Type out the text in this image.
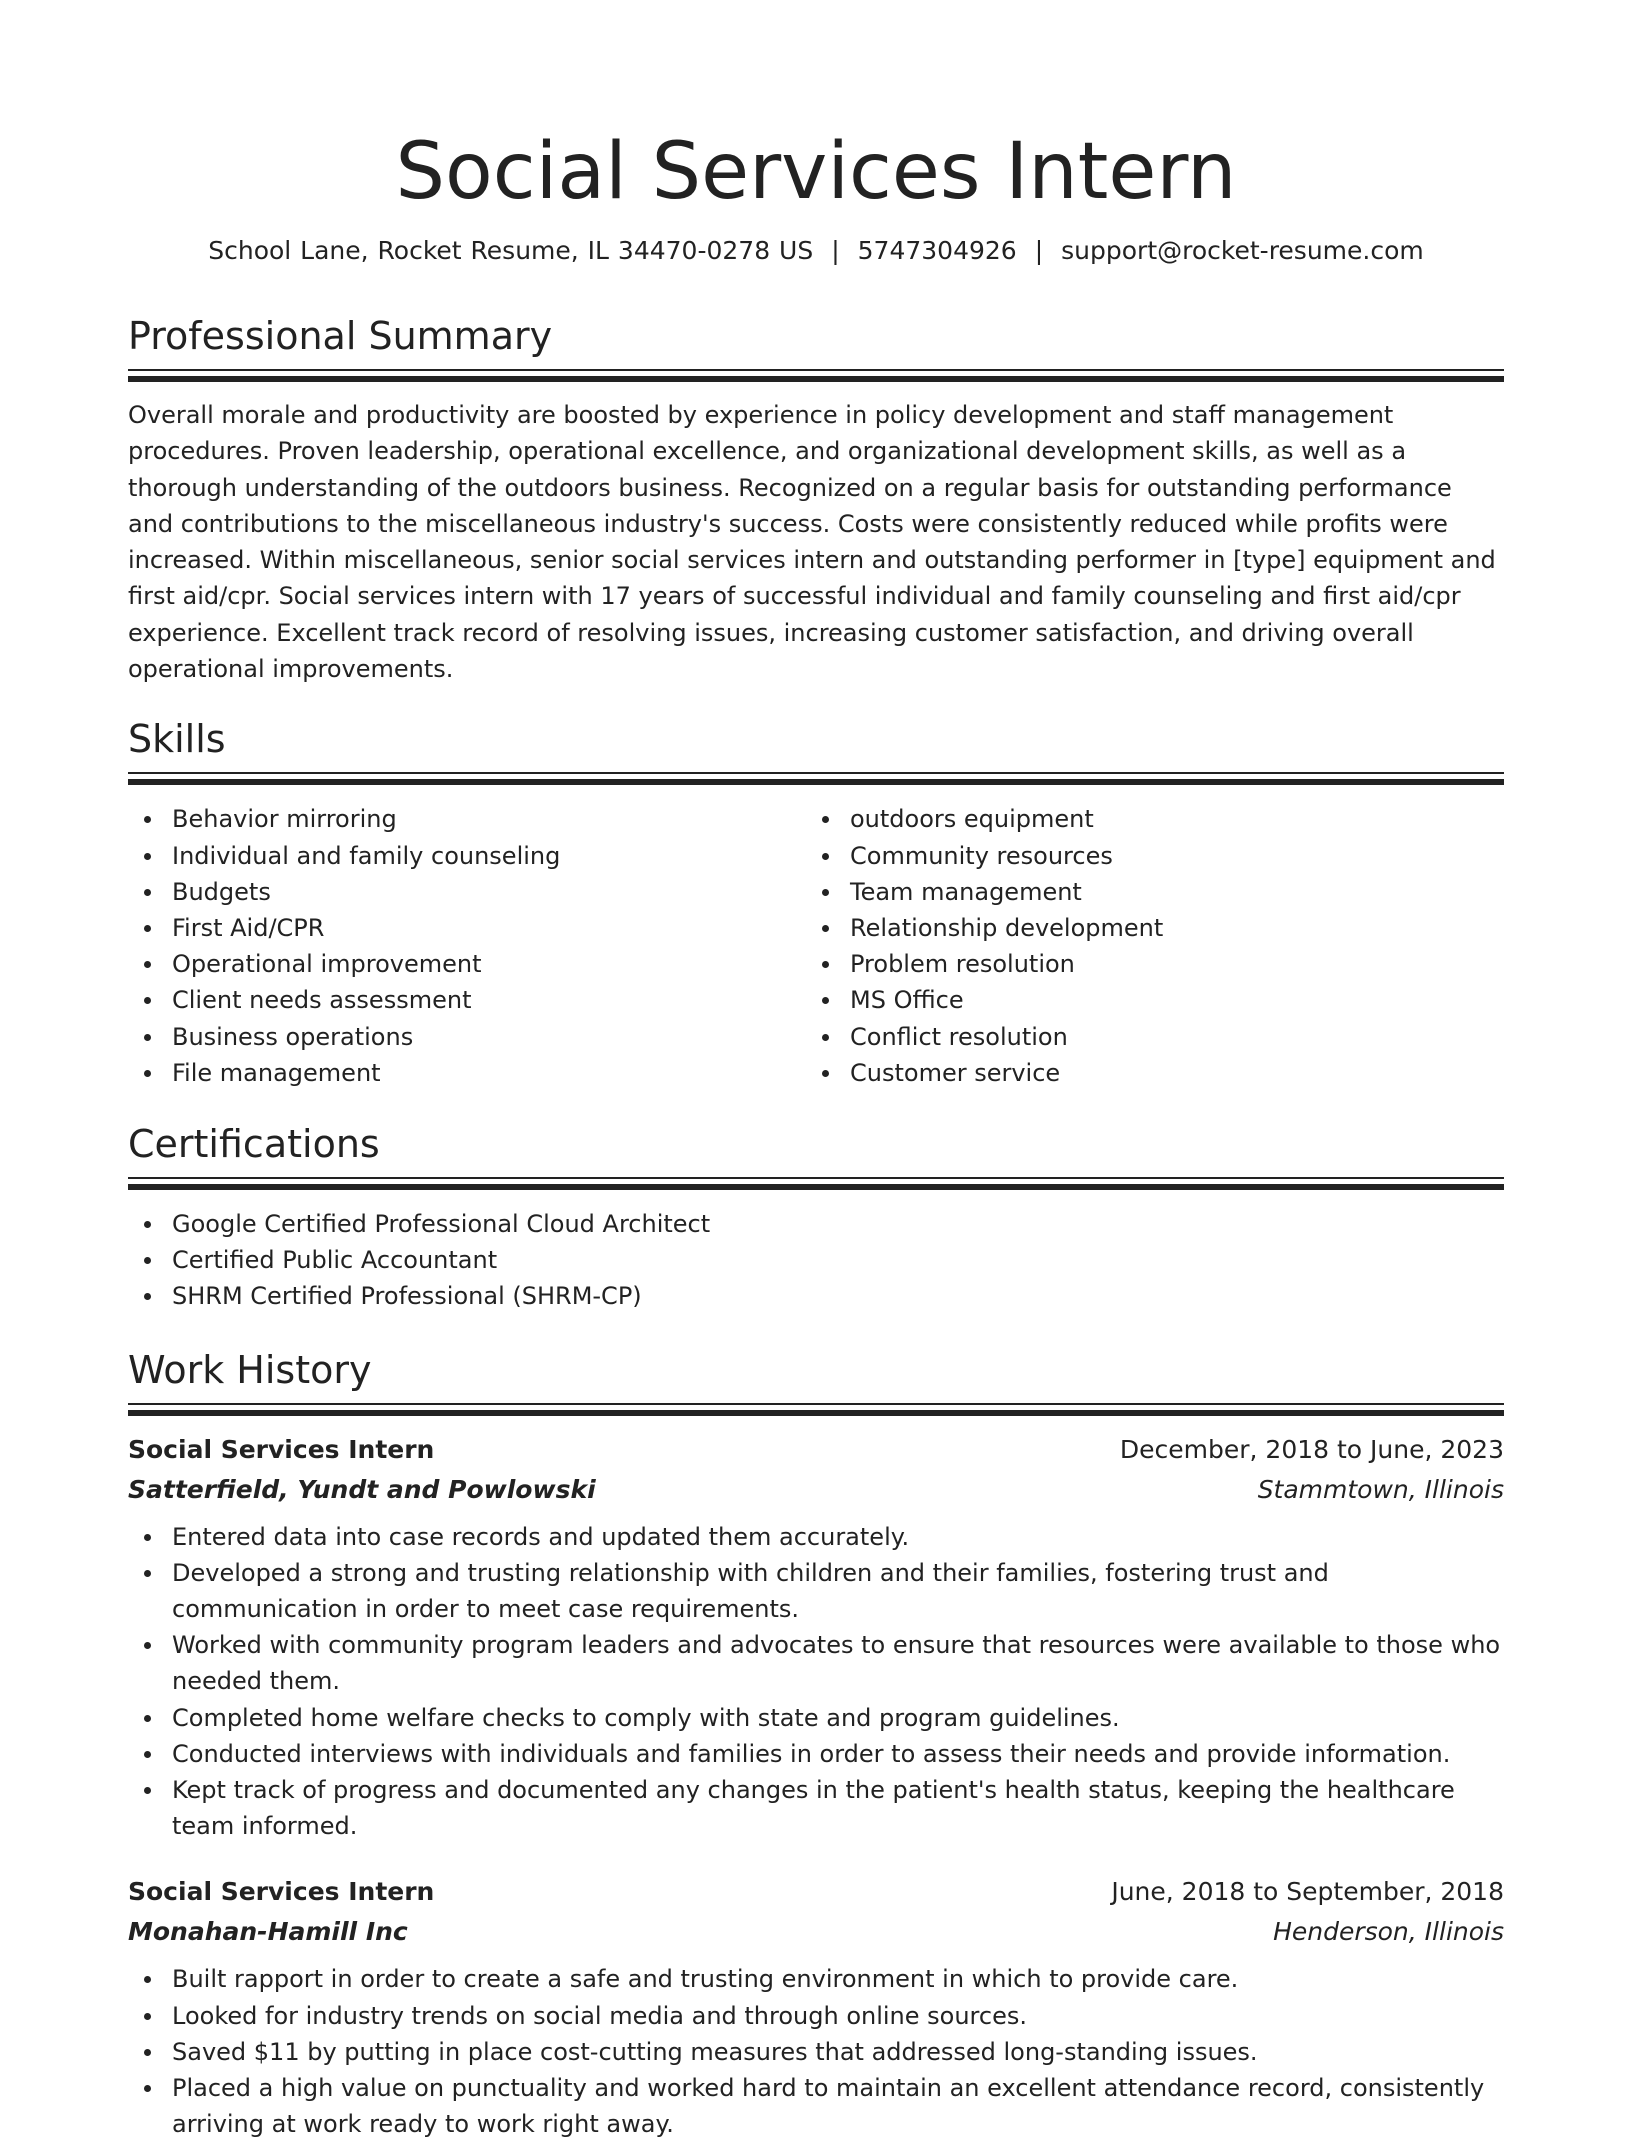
Social Services Intern
School Lane, Rocket Resume, IL 34470-0278 US | 5747304926 | support@rocket-resume.com
Professional Summary

Overall morale and productivity are boosted by experience in policy development and staff management procedures. Proven leadership, operational excellence, and organizational development skills, as well as a thorough understanding of the outdoors business. Recognized on a regular basis for outstanding performance and contributions to the miscellaneous industry's success. Costs were consistently reduced while profits were increased. Within miscellaneous, senior social services intern and outstanding performer in [type] equipment and first aid/cpr. Social services intern with 17 years of successful individual and family counseling and first aid/cpr experience. Excellent track record of resolving issues, increasing customer satisfaction, and driving overall operational improvements.

Skills
Behavior mirroring
Individual and family counseling
Budgets
First Aid/CPR
Operational improvement
Client needs assessment
Business operations
File management
outdoors equipment
Community resources
Team management
Relationship development
Problem resolution
MS Office
Conflict resolution
Customer service
Certifications
Google Certified Professional Cloud Architect
Certified Public Accountant
SHRM Certified Professional (SHRM-CP)
Work History
Social Services Intern	December, 2018 to June, 2023
Satterfield, Yundt and Powlowski	Stammtown, Illinois
Entered data into case records and updated them accurately.
Developed a strong and trusting relationship with children and their families, fostering trust and communication in order to meet case requirements.
Worked with community program leaders and advocates to ensure that resources were available to those who needed them.
Completed home welfare checks to comply with state and program guidelines.
Conducted interviews with individuals and families in order to assess their needs and provide information.
Kept track of progress and documented any changes in the patient's health status, keeping the healthcare team informed.
Social Services Intern	June, 2018 to September, 2018
Monahan-Hamill Inc	Henderson, Illinois
Built rapport in order to create a safe and trusting environment in which to provide care.
Looked for industry trends on social media and through online sources.
Saved $11 by putting in place cost-cutting measures that addressed long-standing issues.
Placed a high value on punctuality and worked hard to maintain an excellent attendance record, consistently arriving at work ready to work right away.
